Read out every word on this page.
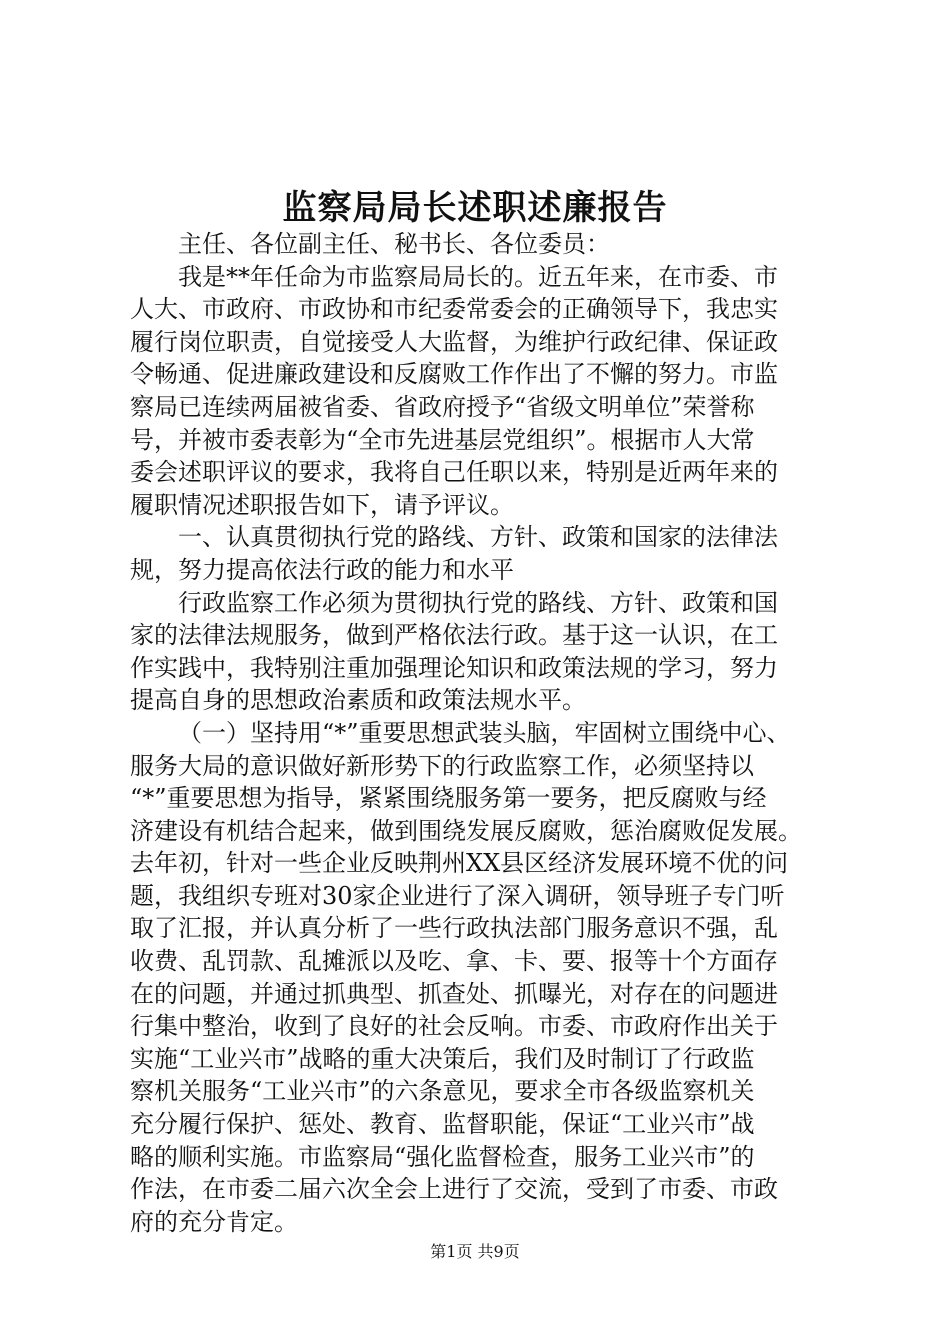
监察局局长述职述廉报告
主任、各位副主任、秘书长、各位委员：
我是**年任命为市监察局局长的。近五年来，在市委、市
人大、市政府、市政协和市纪委常委会的正确领导下，我忠实
履行岗位职责，自觉接受人大监督，为维护行政纪律、保证政
令畅通、促进廉政建设和反腐败工作作出了不懈的努力。市监
察局已连续两届被省委、省政府授予“省级文明单位”荣誉称
号，并被市委表彰为“全市先进基层党组织”。根据市人大常
委会述职评议的要求，我将自己任职以来，特别是近两年来的
履职情况述职报告如下，请予评议。
一、认真贯彻执行党的路线、方针、政策和国家的法律法
规，努力提高依法行政的能力和水平
行政监察工作必须为贯彻执行党的路线、方针、政策和国
家的法律法规服务，做到严格依法行政。基于这一认识，在工
作实践中，我特别注重加强理论知识和政策法规的学习，努力
提高自身的思想政治素质和政策法规水平。
（一）坚持用“*”重要思想武装头脑，牢固树立围绕中心、
服务大局的意识做好新形势下的行政监察工作，必须坚持以
“*”重要思想为指导，紧紧围绕服务第一要务，把反腐败与经
济建设有机结合起来，做到围绕发展反腐败，惩治腐败促发展。
去年初，针对一些企业反映荆州XX县区经济发展环境不优的问
题，我组织专班对30家企业进行了深入调研，领导班子专门听
取了汇报，并认真分析了一些行政执法部门服务意识不强，乱
收费、乱罚款、乱摊派以及吃、拿、卡、要、报等十个方面存
在的问题，并通过抓典型、抓查处、抓曝光，对存在的问题进
行集中整治，收到了良好的社会反响。市委、市政府作出关于
实施“工业兴市”战略的重大决策后，我们及时制订了行政监
察机关服务“工业兴市”的六条意见，要求全市各级监察机关
充分履行保护、惩处、教育、监督职能，保证“工业兴市”战
略的顺利实施。市监察局“强化监督检查，服务工业兴市”的
作法，在市委二届六次全会上进行了交流，受到了市委、市政
府的充分肯定。
第1页 共9页
